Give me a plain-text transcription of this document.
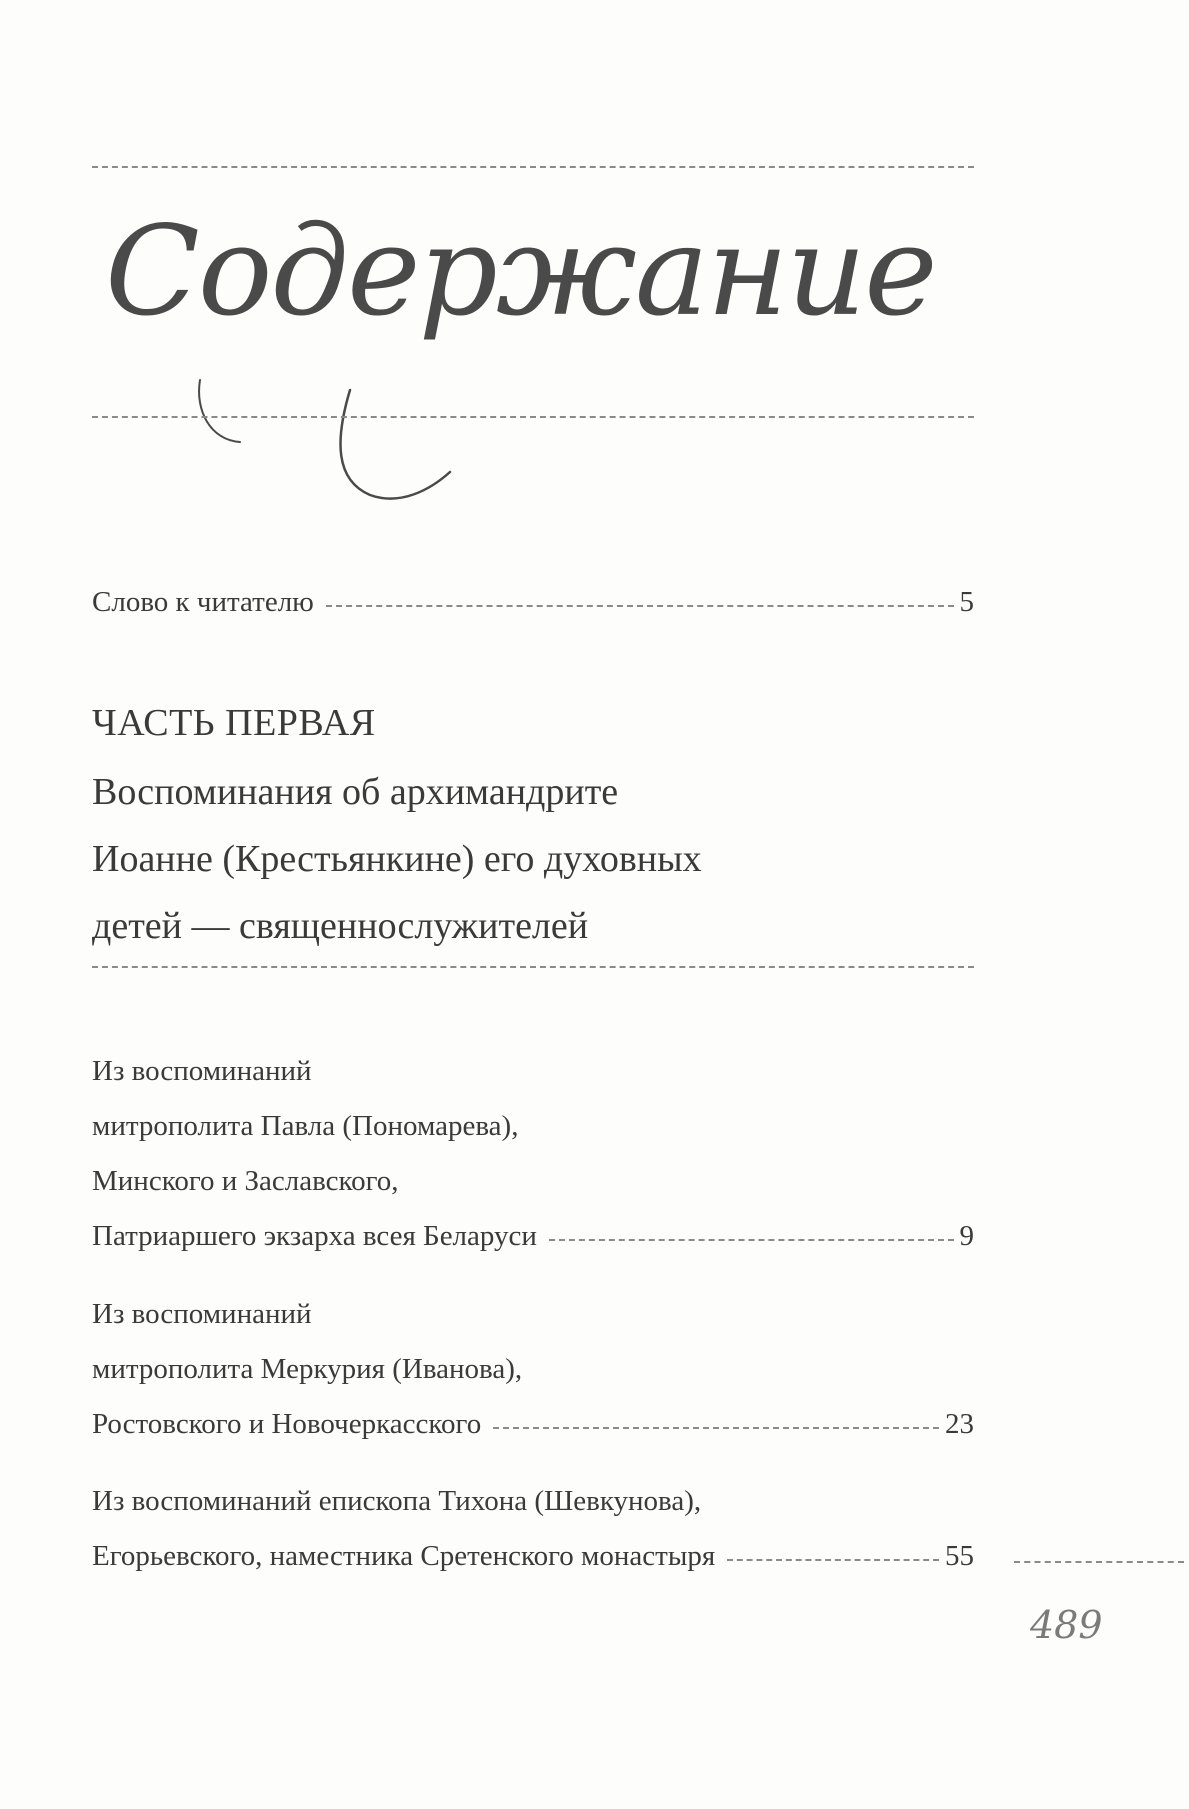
Содержание
Слово к читателю	5
ЧАСТЬ ПЕРВАЯ
Воспоминания об архимандрите
Иоанне (Крестьянкине) его духовных
детей — священнослужителей
Из воспоминаний
митрополита Павла (Пономарева),
Минского и Заславского,
Патриаршего экзарха всея Беларуси	9
Из воспоминаний
митрополита Меркурия (Иванова),
Ростовского и Новочеркасского	23
Из воспоминаний епископа Тихона (Шевкунова),
Егорьевского, наместника Сретенского монастыря	55
489
